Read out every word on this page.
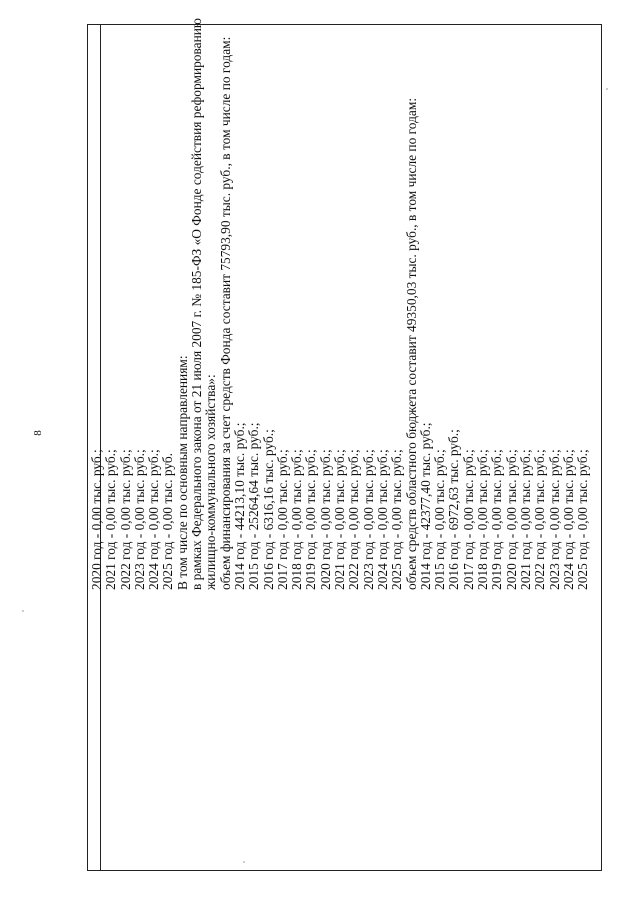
8
2020 год - 0,00 тыс. руб.; 2021 год - 0,00 тыс. руб.; 2022 год - 0,00 тыс. руб.; 2023 год - 0,00 тыс. руб.; 2024 год - 0,00 тыс. руб.; 2025 год - 0,00 тыс. руб. В том числе по основным направлениям: в рамках Федерального закона от 21 июля 2007 г. № 185-ФЗ «О Фонде содействия реформированию жилищно-коммунального хозяйства»: объем финансирования за счет средств Фонда составит 75793,90 тыс. руб., в том числе по годам: 2014 год - 44213,10 тыс. руб.; 2015 год - 25264,64 тыс. руб.; 2016 год - 6316,16 тыс. руб.; 2017 год - 0,00 тыс. руб.; 2018 год - 0,00 тыс. руб.; 2019 год - 0,00 тыс. руб.; 2020 год - 0,00 тыс. руб.; 2021 год - 0,00 тыс. руб.; 2022 год - 0,00 тыс. руб.; 2023 год - 0,00 тыс. руб.; 2024 год - 0,00 тыс. руб.; 2025 год - 0,00 тыс. руб.; объем средств областного бюджета составит 49350,03 тыс. руб., в том числе по годам: 2014 год - 42377,40 тыс. руб.; 2015 год - 0,00 тыс. руб.; 2016 год - 6972,63 тыс. руб.; 2017 год - 0,00 тыс. руб.; 2018 год - 0,00 тыс. руб.; 2019 год - 0,00 тыс. руб.; 2020 год - 0,00 тыс. руб.; 2021 год - 0,00 тыс. руб.; 2022 год - 0,00 тыс. руб.; 2023 год - 0,00 тыс. руб.; 2024 год - 0,00 тыс. руб.; 2025 год - 0,00 тыс. руб.;
